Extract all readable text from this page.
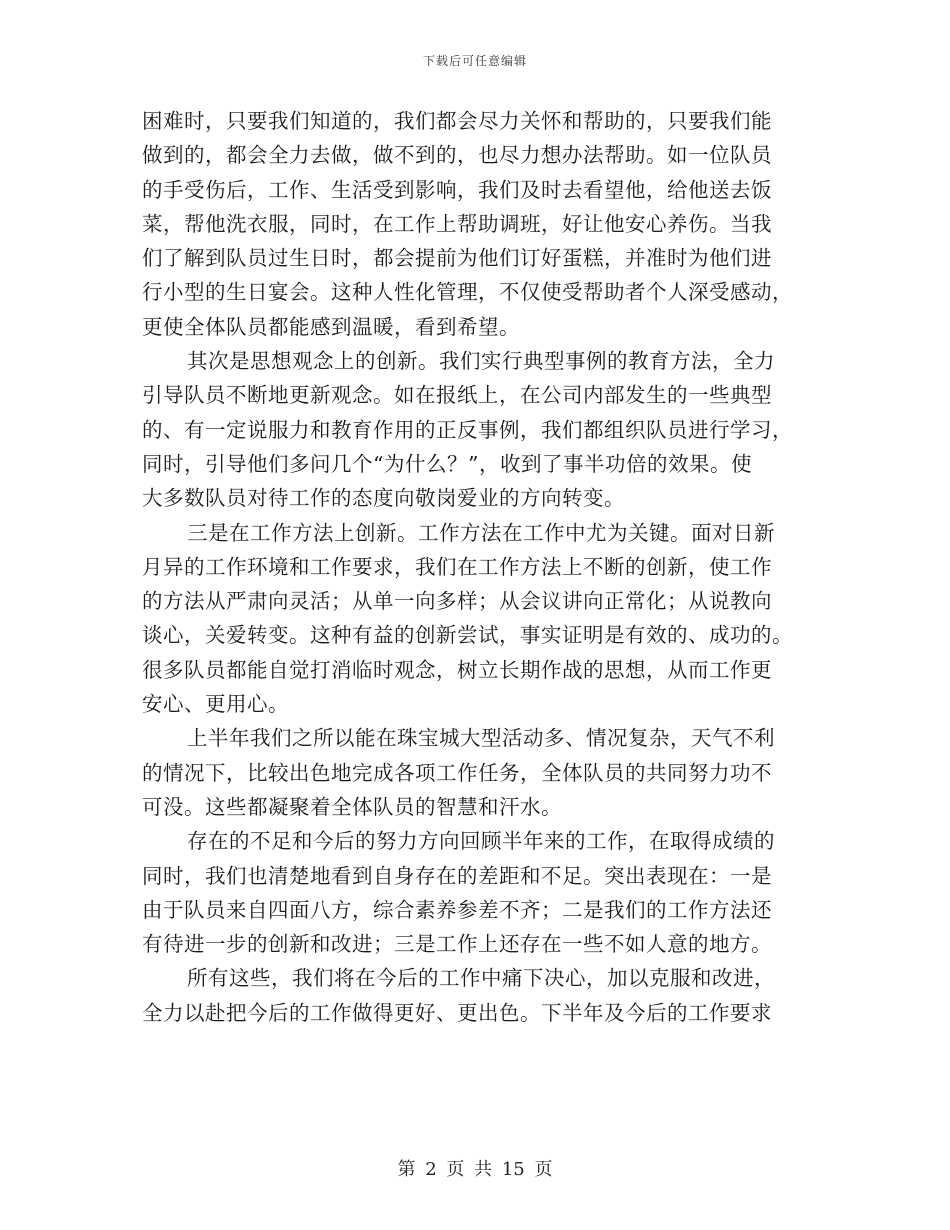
下载后可任意编辑
困难时，只要我们知道的，我们都会尽力关怀和帮助的，只要我们能
做到的，都会全力去做，做不到的，也尽力想办法帮助。如一位队员
的手受伤后，工作、生活受到影响，我们及时去看望他，给他送去饭
菜，帮他洗衣服，同时，在工作上帮助调班，好让他安心养伤。当我
们了解到队员过生日时，都会提前为他们订好蛋糕，并准时为他们进
行小型的生日宴会。这种人性化管理，不仅使受帮助者个人深受感动，
更使全体队员都能感到温暖，看到希望。
其次是思想观念上的创新。我们实行典型事例的教育方法，全力
引导队员不断地更新观念。如在报纸上，在公司内部发生的一些典型
的、有一定说服力和教育作用的正反事例，我们都组织队员进行学习，
同时，引导他们多问几个“为什么？”，收到了事半功倍的效果。使
大多数队员对待工作的态度向敬岗爱业的方向转变。
三是在工作方法上创新。工作方法在工作中尤为关键。面对日新
月异的工作环境和工作要求，我们在工作方法上不断的创新，使工作
的方法从严肃向灵活；从单一向多样；从会议讲向正常化；从说教向
谈心，关爱转变。这种有益的创新尝试，事实证明是有效的、成功的。
很多队员都能自觉打消临时观念，树立长期作战的思想，从而工作更
安心、更用心。
上半年我们之所以能在珠宝城大型活动多、情况复杂，天气不利
的情况下，比较出色地完成各项工作任务，全体队员的共同努力功不
可没。这些都凝聚着全体队员的智慧和汗水。
存在的不足和今后的努力方向回顾半年来的工作，在取得成绩的
同时，我们也清楚地看到自身存在的差距和不足。突出表现在：一是
由于队员来自四面八方，综合素养参差不齐；二是我们的工作方法还
有待进一步的创新和改进；三是工作上还存在一些不如人意的地方。
所有这些，我们将在今后的工作中痛下决心，加以克服和改进，
全力以赴把今后的工作做得更好、更出色。下半年及今后的工作要求
第 2 页 共 15 页
